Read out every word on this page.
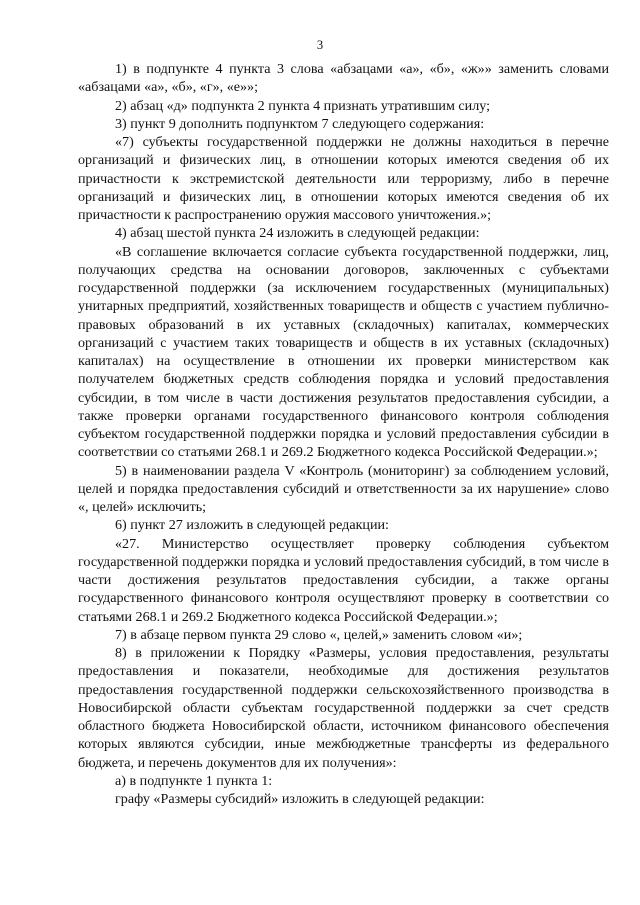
3

1) в подпункте 4 пункта 3 слова «абзацами «а», «б», «ж»» заменить словами «абзацами «а», «б», «г», «е»»;

2) абзац «д» подпункта 2 пункта 4 признать утратившим силу;

3) пункт 9 дополнить подпунктом 7 следующего содержания:

«7) субъекты государственной поддержки не должны находиться в перечне организаций и физических лиц, в отношении которых имеются сведения об их причастности к экстремистской деятельности или терроризму, либо в перечне организаций и физических лиц, в отношении которых имеются сведения об их причастности к распространению оружия массового уничтожения.»;

4) абзац шестой пункта 24 изложить в следующей редакции:

«В соглашение включается согласие субъекта государственной поддержки, лиц, получающих средства на основании договоров, заключенных с субъектами государственной поддержки (за исключением государственных (муниципальных) унитарных предприятий, хозяйственных товариществ и обществ с участием публично-правовых образований в их уставных (складочных) капиталах, коммерческих организаций с участием таких товариществ и обществ в их уставных (складочных) капиталах) на осуществление в отношении их проверки министерством как получателем бюджетных средств соблюдения порядка и условий предоставления субсидии, в том числе в части достижения результатов предоставления субсидии, а также проверки органами государственного финансового контроля соблюдения субъектом государственной поддержки порядка и условий предоставления субсидии в соответствии со статьями 268.1 и 269.2 Бюджетного кодекса Российской Федерации.»;

5) в наименовании раздела V «Контроль (мониторинг) за соблюдением условий, целей и порядка предоставления субсидий и ответственности за их нарушение» слово «, целей» исключить;

6) пункт 27 изложить в следующей редакции:

«27. Министерство осуществляет проверку соблюдения субъектом государственной поддержки порядка и условий предоставления субсидий, в том числе в части достижения результатов предоставления субсидии, а также органы государственного финансового контроля осуществляют проверку в соответствии со статьями 268.1 и 269.2 Бюджетного кодекса Российской Федерации.»;

7) в абзаце первом пункта 29 слово «, целей,» заменить словом «и»;

8) в приложении к Порядку «Размеры, условия предоставления, результаты предоставления и показатели, необходимые для достижения результатов предоставления государственной поддержки сельскохозяйственного производства в Новосибирской области субъектам государственной поддержки за счет средств областного бюджета Новосибирской области, источником финансового обеспечения которых являются субсидии, иные межбюджетные трансферты из федерального бюджета, и перечень документов для их получения»:

а) в подпункте 1 пункта 1:

графу «Размеры субсидий» изложить в следующей редакции:
